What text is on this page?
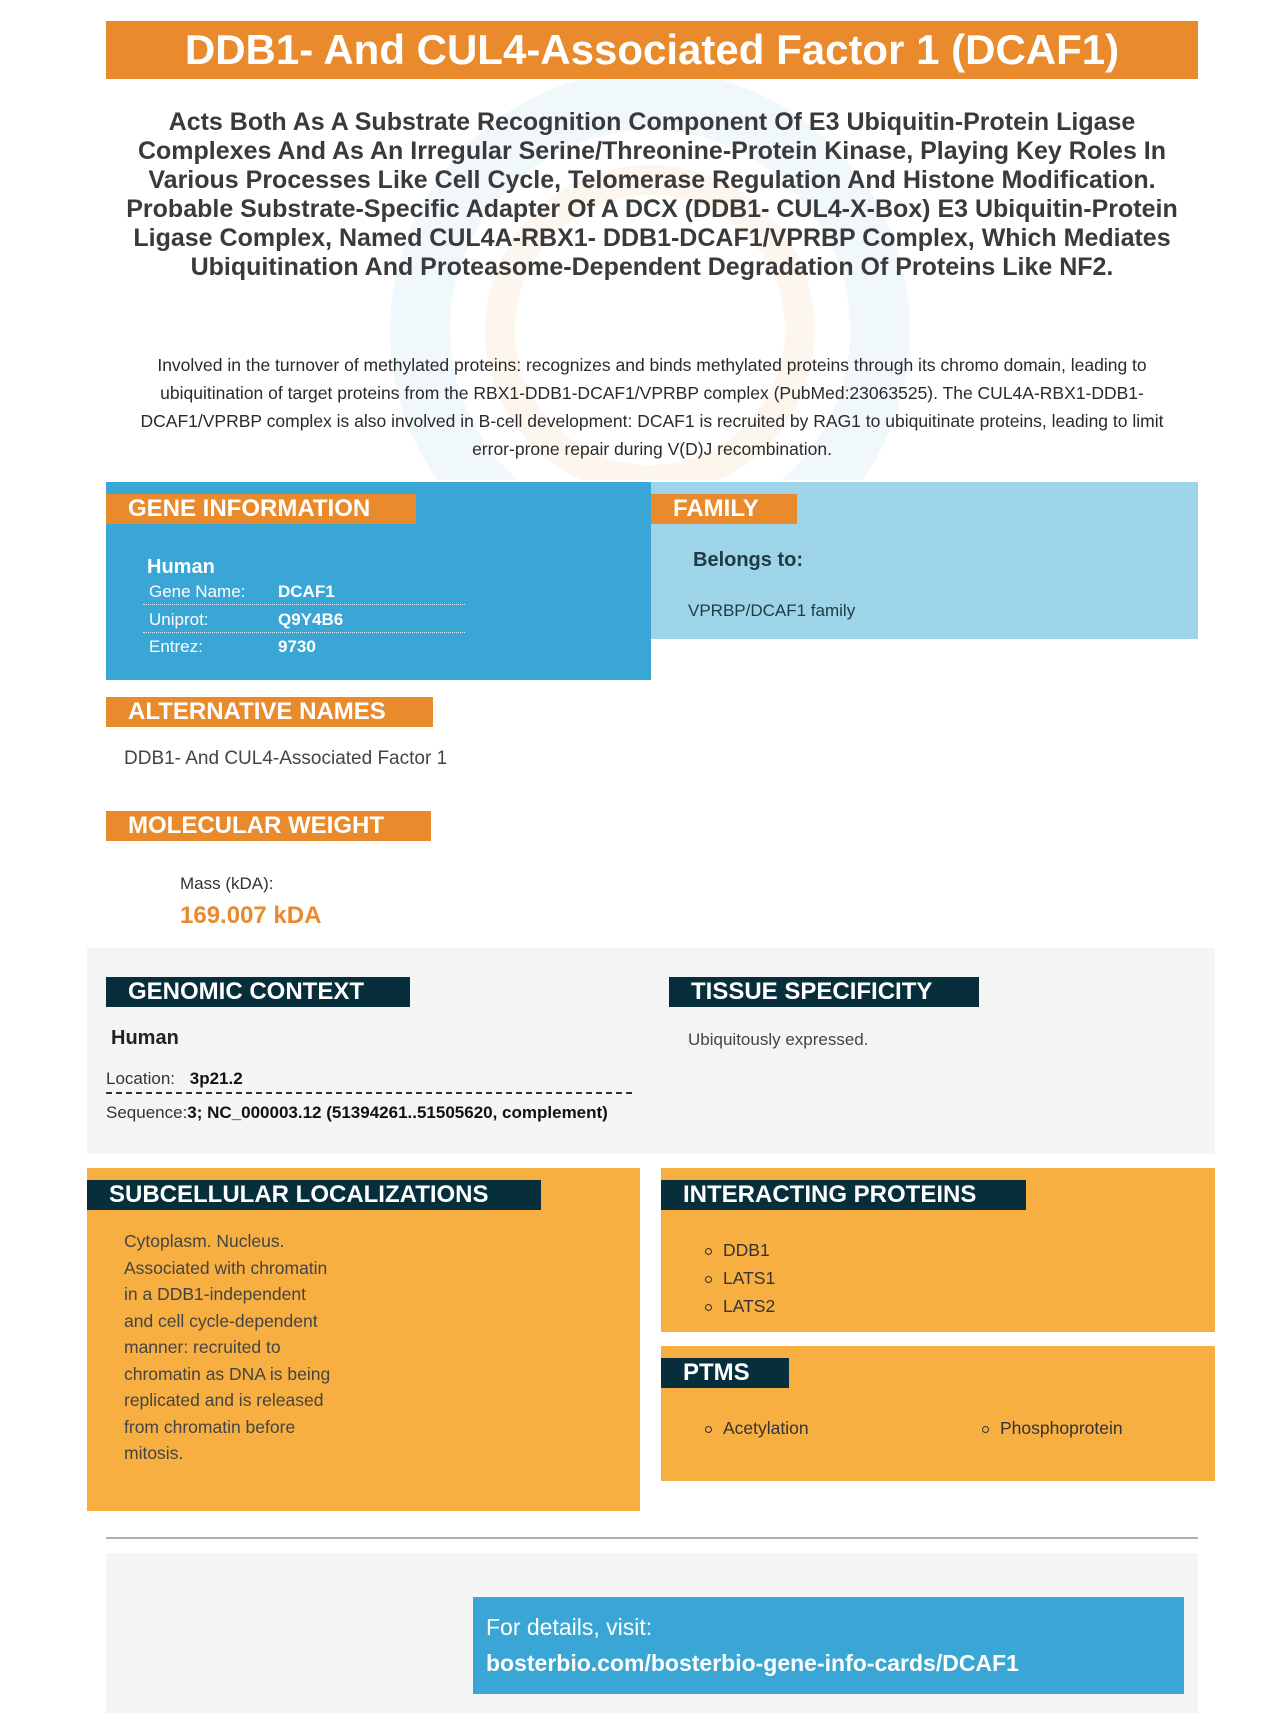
DDB1- And CUL4-Associated Factor 1 (DCAF1)
Acts Both As A Substrate Recognition Component Of E3 Ubiquitin-Protein Ligase Complexes And As An Irregular Serine/Threonine-Protein Kinase, Playing Key Roles In Various Processes Like Cell Cycle, Telomerase Regulation And Histone Modification. Probable Substrate-Specific Adapter Of A DCX (DDB1- CUL4-X-Box) E3 Ubiquitin-Protein Ligase Complex, Named CUL4A-RBX1- DDB1-DCAF1/VPRBP Complex, Which Mediates Ubiquitination And Proteasome-Dependent Degradation Of Proteins Like NF2.
Involved in the turnover of methylated proteins: recognizes and binds methylated proteins through its chromo domain, leading to ubiquitination of target proteins from the RBX1-DDB1-DCAF1/VPRBP complex (PubMed:23063525). The CUL4A-RBX1-DDB1-DCAF1/VPRBP complex is also involved in B-cell development: DCAF1 is recruited by RAG1 to ubiquitinate proteins, leading to limit error-prone repair during V(D)J recombination.
Human
Gene Name: DCAF1
Uniprot:	Q9Y4B6
Entrez:	9730
GENE INFORMATION
Belongs to:
VPRBP/DCAF1 family
FAMILY
ALTERNATIVE NAMES
DDB1- And CUL4-Associated Factor 1
MOLECULAR WEIGHT
Mass (kDA):
169.007 kDA
GENOMIC CONTEXT
Human
Location: 3p21.2
Sequence:3; NC_000003.12 (51394261..51505620, complement)
TISSUE SPECIFICITY
Ubiquitously expressed.
Cytoplasm. Nucleus. Associated with chromatin in a DDB1-independent and cell cycle-dependent manner: recruited to chromatin as DNA is being replicated and is released from chromatin before mitosis.
SUBCELLULAR LOCALIZATIONS
DDB1
LATS1
LATS2
INTERACTING PROTEINS
Acetylation	Phosphoprotein
PTMS
For details, visit:
bosterbio.com/bosterbio-gene-info-cards/DCAF1
